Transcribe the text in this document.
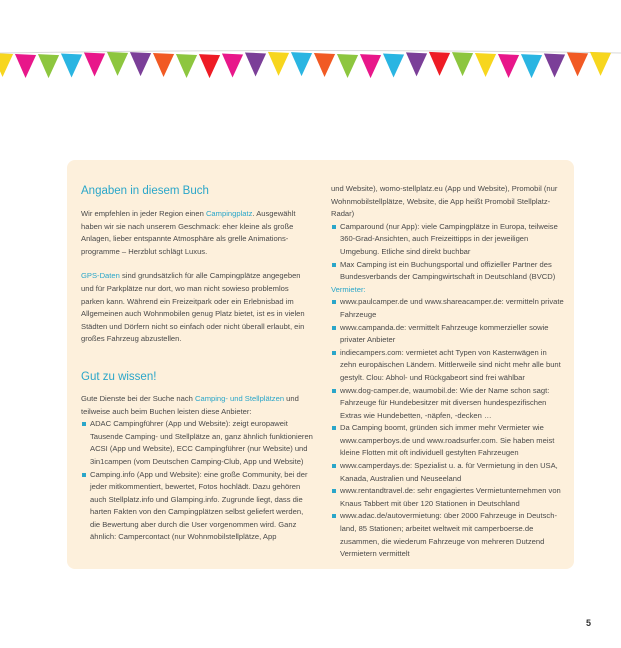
Angaben in diesem Buch

Wir empfehlen in jeder Region einen Campingplatz. Ausgewählt haben wir sie nach unserem Geschmack: eher kleine als große Anlagen, lieber entspannte Atmosphäre als grelle Animationsprogramme – Herzblut schlägt Luxus.

GPS-Daten sind grundsätzlich für alle Campingplätze angegeben und für Parkplätze nur dort, wo man nicht sowieso problemlos parken kann. Während ein Freizeitpark oder ein Erlebnisbad im Allgemeinen auch Wohnmobilen genug Platz bietet, ist es in vielen Städten und Dörfern nicht so einfach oder nicht überall erlaubt, ein großes Fahrzeug abzustellen.

Gut zu wissen!

Gute Dienste bei der Suche nach Camping- und Stellplätzen und teilweise auch beim Buchen leisten diese Anbieter:

ADAC Campingführer (App und Website): zeigt europaweit Tausende Camping- und Stellplätze an, ganz ähnlich funktionieren ACSI (App und Website), ECC Campingführer (nur Website) und 3in1campen (vom Deutschen Camping-Club, App und Website)
Camping.info (App und Website): eine große Community, bei der jeder mitkommentiert, bewertet, Fotos hochlädt. Dazu gehören auch Stellplatz.info und Glamping.info. Zugrunde liegt, dass die harten Fakten von den Campingplätzen selbst geliefert werden, die Bewertung aber durch die User vorgenommen wird. Ganz ähnlich: Campercontact (nur Wohnmobilstellplätze, App

und Website), womo-stellplatz.eu (App und Website), Promobil (nur Wohnmobilstellplätze, Website, die App heißt Promobil Stellplatz-Radar)

Camparound (nur App): viele Campingplätze in Europa, teilweise 360-Grad-Ansichten, auch Freizeittipps in der jeweiligen Umgebung. Etliche sind direkt buchbar
Max Camping ist ein Buchungsportal und offizieller Partner des Bundesverbands der Campingwirtschaft in Deutschland (BVCD)

Vermieter:

www.paulcamper.de und www.shareacamper.de: vermitteln private Fahrzeuge
www.campanda.de: vermittelt Fahrzeuge kommerzieller sowie privater Anbieter
indiecampers.com: vermietet acht Typen von Kastenwägen in zehn europäischen Ländern. Mittlerweile sind nicht mehr alle bunt gestylt. Clou: Abhol- und Rückgabeort sind frei wählbar
www.dog-camper.de, waumobil.de: Wie der Name schon sagt: Fahrzeuge für Hundebesitzer mit diversen hundespezifischen Extras wie Hundebetten, -näpfen, -decken …
Da Camping boomt, gründen sich immer mehr Vermieter wie www.camperboys.de und www.roadsurfer.com. Sie haben meist kleine Flotten mit oft individuell gestylten Fahrzeugen
www.camperdays.de: Spezialist u. a. für Vermietung in den USA, Kanada, Australien und Neuseeland
www.rentandtravel.de: sehr engagiertes Vermietunternehmen von Knaus Tabbert mit über 120 Stationen in Deutschland
www.adac.de/autovermietung: über 2000 Fahrzeuge in Deutschland, 85 Stationen; arbeitet weltweit mit camperboerse.de zusammen, die wiederum Fahrzeuge von mehreren Dutzend Vermietern vermittelt
5
